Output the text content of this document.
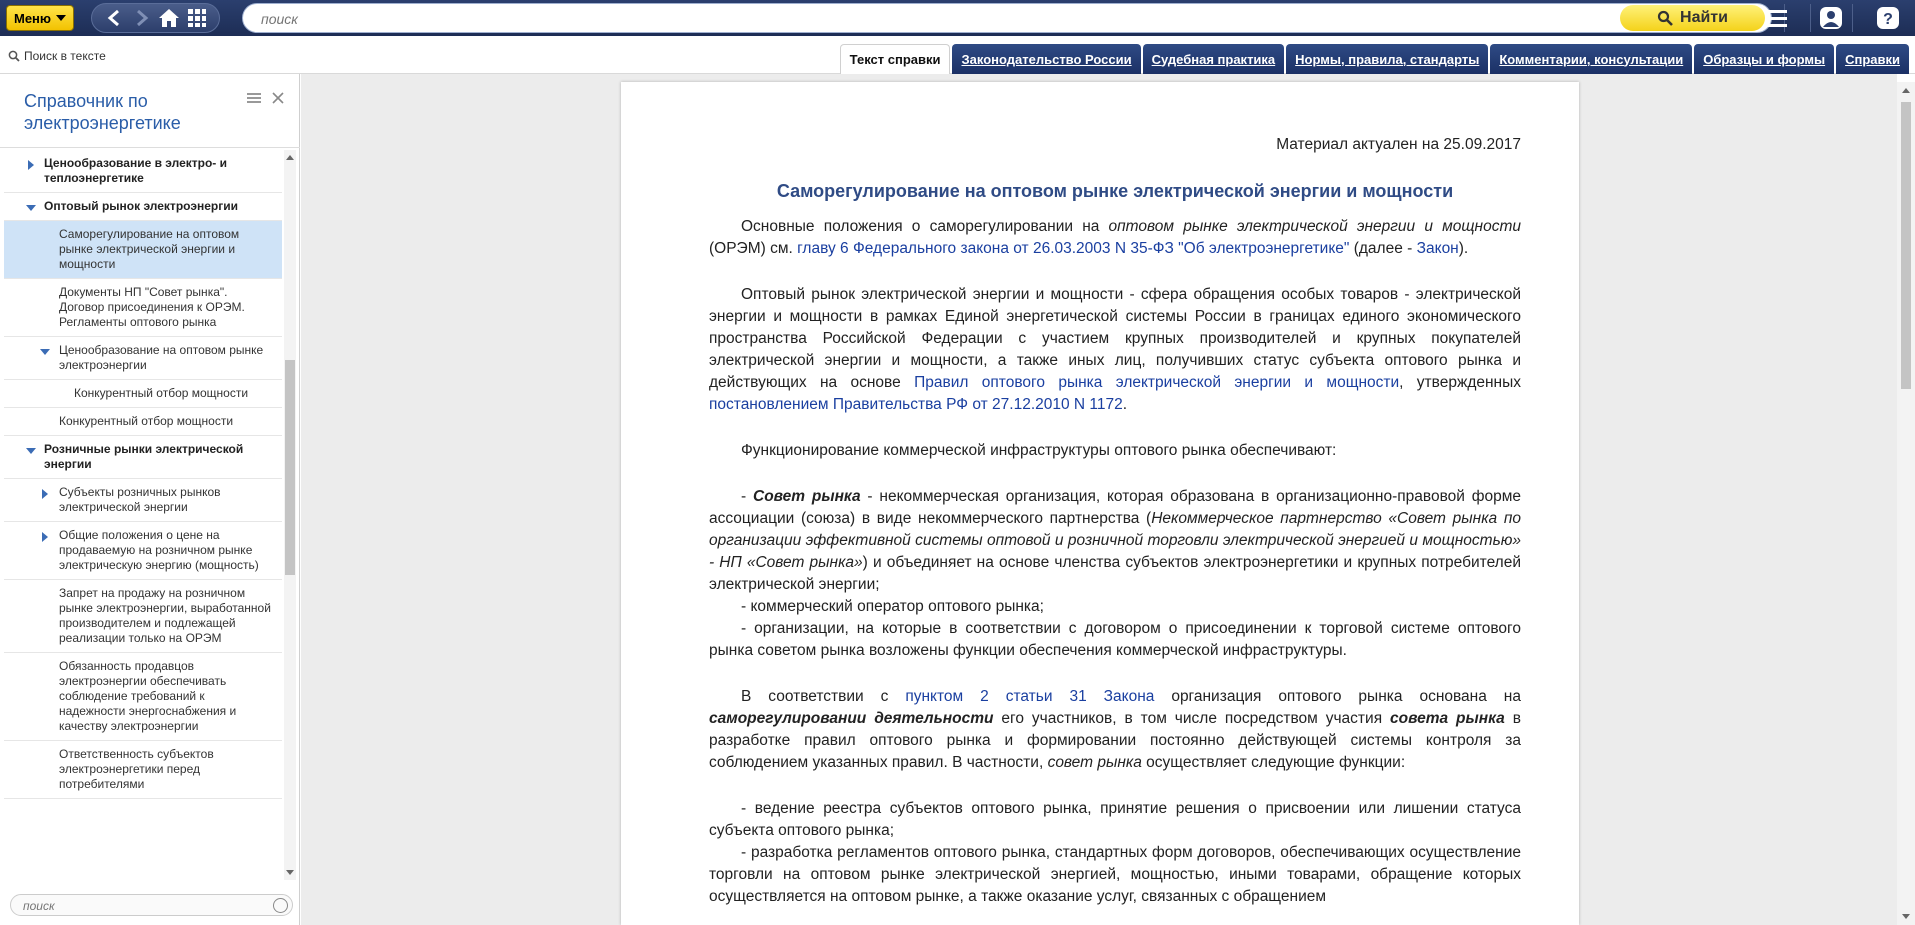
Меню
поиск	Найти	?
Поиск в тексте	Текст справки	Законодательство России	Судебная практика	Нормы, правила, стандарты	Комментарии, консультации	Образцы и формы	Справки
Справочник по электроэнергетике
Ценообразование в электро- и теплоэнергетике
Оптовый рынок электроэнергии
Саморегулирование на оптовом рынке электрической энергии и мощности
Документы НП "Совет рынка". Договор присоединения к ОРЭМ. Регламенты оптового рынка
Ценообразование на оптовом рынке электроэнергии
Конкурентный отбор мощности
Конкурентный отбор мощности
Розничные рынки электрической энергии
Субъекты розничных рынков электрической энергии
Общие положения о цене на продаваемую на розничном рынке электрическую энергию (мощность)
Запрет на продажу на розничном рынке электроэнергии, выработанной производителем и подлежащей реализации только на ОРЭМ
Обязанность продавцов электроэнергии обеспечивать соблюдение требований к надежности энергоснабжения и качеству электроэнергии
Ответственность субъектов электроэнергетики перед потребителями
поиск
Материал актуален на 25.09.2017
Саморегулирование на оптовом рынке электрической энергии и мощности

Основные положения о саморегулировании на оптовом рынке электрической энергии и мощности (ОРЭМ) см. главу 6 Федерального закона от 26.03.2003 N 35-ФЗ "Об электроэнергетике" (далее - Закон).

Оптовый рынок электрической энергии и мощности - сфера обращения особых товаров - электрической энергии и мощности в рамках Единой энергетической системы России в границах единого экономического пространства Российской Федерации с участием крупных производителей и крупных покупателей электрической энергии и мощности, а также иных лиц, получивших статус субъекта оптового рынка и действующих на основе Правил оптового рынка электрической энергии и мощности, утвержденных постановлением Правительства РФ от 27.12.2010 N 1172.

Функционирование коммерческой инфраструктуры оптового рынка обеспечивают:

- Совет рынка - некоммерческая организация, которая образована в организационно-правовой форме ассоциации (союза) в виде некоммерческого партнерства (Некоммерческое партнерство «Совет рынка по организации эффективной системы оптовой и розничной торговли электрической энергией и мощностью» - НП «Совет рынка») и объединяет на основе членства субъектов электроэнергетики и крупных потребителей электрической энергии;

- коммерческий оператор оптового рынка;

- организации, на которые в соответствии с договором о присоединении к торговой системе оптового рынка советом рынка возложены функции обеспечения коммерческой инфраструктуры.

В соответствии с пунктом 2 статьи 31 Закона организация оптового рынка основана на саморегулировании деятельности его участников, в том числе посредством участия совета рынка в разработке правил оптового рынка и формировании постоянно действующей системы контроля за соблюдением указанных правил. В частности, совет рынка осуществляет следующие функции:

- ведение реестра субъектов оптового рынка, принятие решения о присвоении или лишении статуса субъекта оптового рынка;

- разработка регламентов оптового рынка, стандартных форм договоров, обеспечивающих осуществление торговли на оптовом рынке электрической энергией, мощностью, иными товарами, обращение которых осуществляется на оптовом рынке, а также оказание услуг, связанных с обращением
